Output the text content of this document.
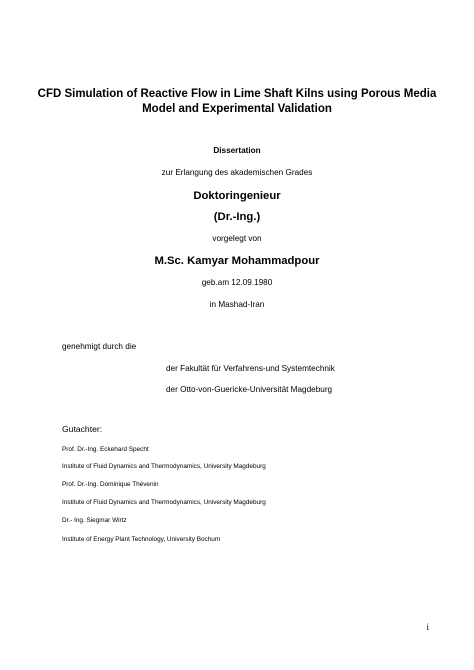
CFD Simulation of Reactive Flow in Lime Shaft Kilns using Porous Media
Model and Experimental Validation
Dissertation
zur Erlangung des akademischen Grades
Doktoringenieur
(Dr.-Ing.)
vorgelegt von
M.Sc. Kamyar Mohammadpour
geb.am 12.09.1980
in Mashad-Iran
genehmigt durch die
der Fakultät für Verfahrens-und Systemtechnik
der Otto-von-Guericke-Universität Magdeburg
Gutachter:
Prof. Dr.-Ing. Eckehard Specht
Institute of Fluid Dynamics and Thermodynamics, University Magdeburg
Prof. Dr.-Ing. Dominique Thévenin
Institute of Fluid Dynamics and Thermodynamics, University Magdeburg
Dr.- Ing. Siegmar Wirtz
Institute of Energy Plant Technology, University Bochum
i
